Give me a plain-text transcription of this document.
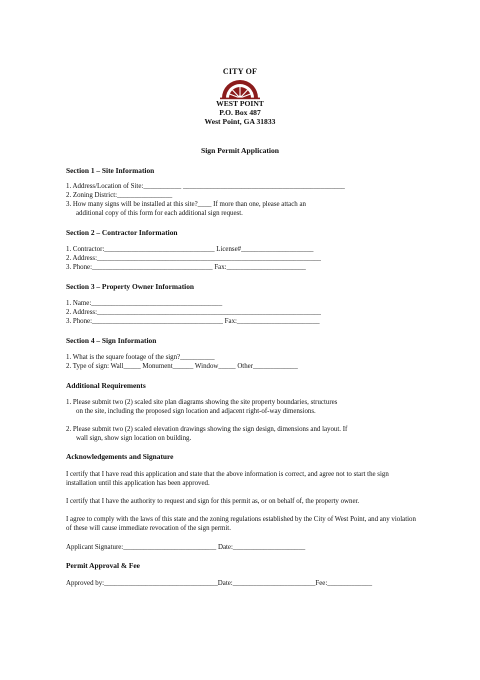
CITY OF
WEST POINT
P.O. Box 487
West Point, GA 31833
Sign Permit Application
Section 1 – Site Information
1. Address/Location of Site:___________ _______________________________________________
2. Zoning District:________________
3. How many signs will be installed at this site?____ If more than one, please attach an
additional copy of this form for each additional sign request.
Section 2 – Contractor Information
1. Contractor:________________________________ License#_____________________
2. Address:_________________________________________________________________
3. Phone:___________________________________ Fax:_______________________
Section 3 – Property Owner Information
1. Name:______________________________________
2. Address:_________________________________________________________________
3. Phone:______________________________________ Fax:________________________
Section 4 – Sign Information
1. What is the square footage of the sign?__________
2. Type of sign: Wall_____ Monument______ Window_____ Other_____________
Additional Requirements
1. Please submit two (2) scaled site plan diagrams showing the site property boundaries, structures
on the site, including the proposed sign location and adjacent right-of-way dimensions.
2. Please submit two (2) scaled elevation drawings showing the sign design, dimensions and layout. If
wall sign, show sign location on building.
Acknowledgements and Signature
I certify that I have read this application and state that the above information is correct, and agree not to start the sign installation until this application has been approved.
I certify that I have the authority to request and sign for this permit as, or on behalf of, the property owner.
I agree to comply with the laws of this state and the zoning regulations established by the City of West Point, and any violation of these will cause immediate revocation of the sign permit.
Applicant Signature:___________________________ Date:_____________________
Permit Approval & Fee
Approved by:_________________________________Date:________________________Fee:_____________
